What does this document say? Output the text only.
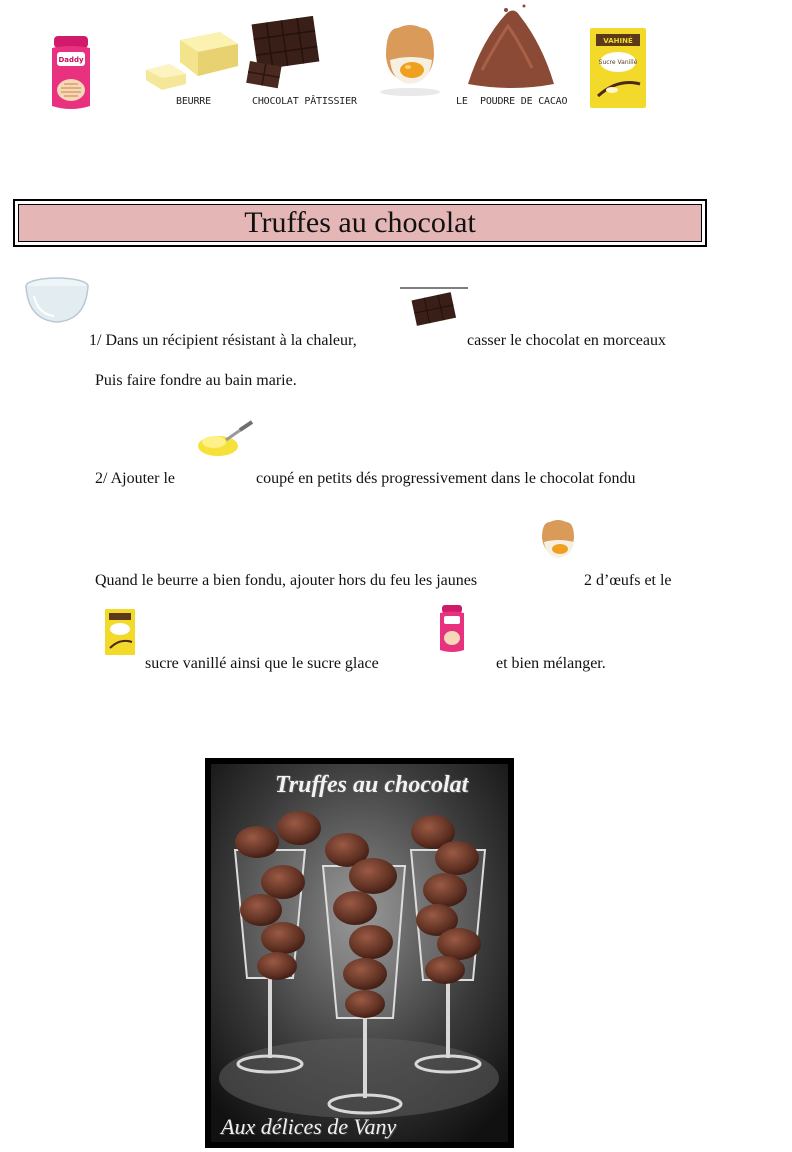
Daddy
BEURRE	CHOCOLAT PÂTISSIER	LE POUDRE DE CACAO
VAHINÉ
Sucre Vanillé
Truffes au chocolat
1/ Dans un récipient résistant à la chaleur,	casser le chocolat en morceaux
Puis faire fondre au bain marie.
2/ Ajouter le	coupé en petits dés progressivement dans le chocolat fondu
Quand le beurre a bien fondu, ajouter hors du feu les jaunes	2 d’œufs et le
sucre vanillé ainsi que le sucre glace	et bien mélanger.
Truffes au chocolat
Aux délices de Vany
